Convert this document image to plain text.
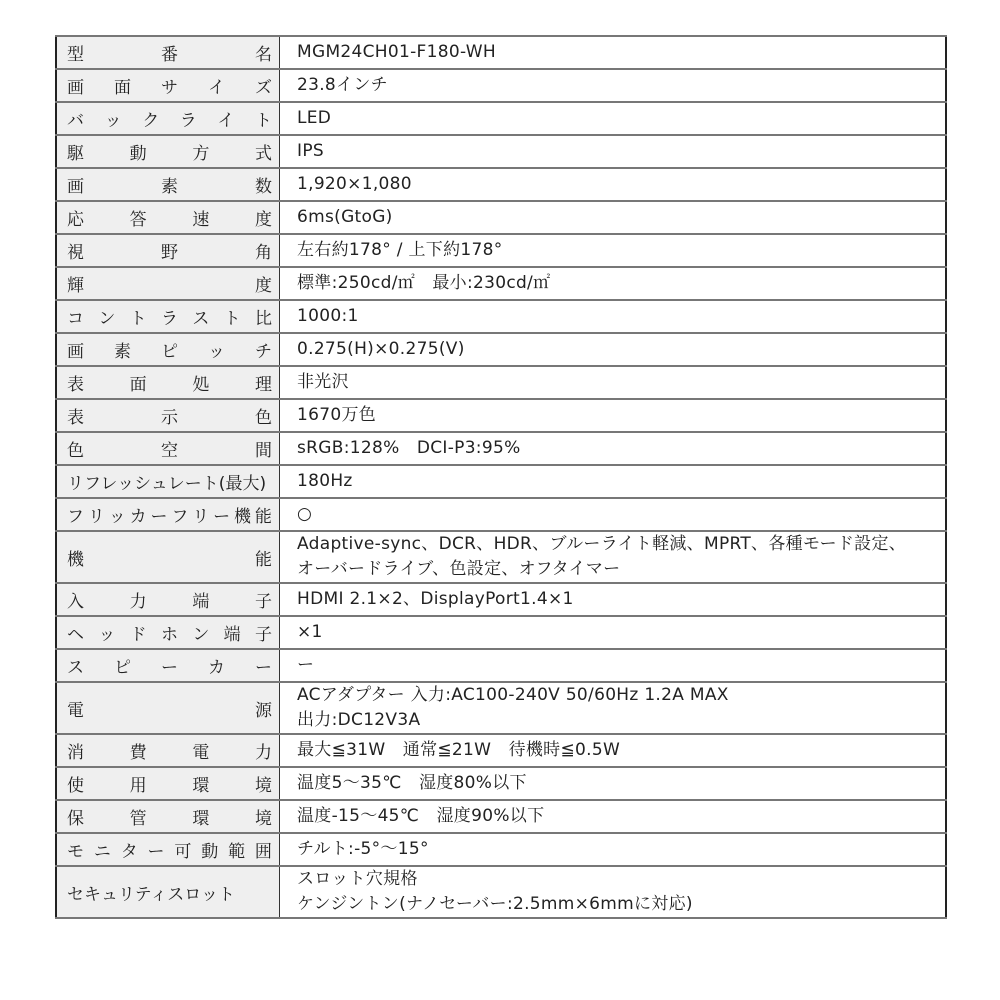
型 番 名	MGM24CH01-F180-WH

画 面 サ イ ズ	23.8インチ

バ ッ ク ラ イ ト	LED

駆 動 方 式	IPS

画 素 数	1,920×1,080

応 答 速 度	6ms(GtoG)

視 野 角	左右約178° / 上下約178°

輝 度	標準:250cd/㎡　最小:230cd/㎡

コ ン ト ラ ス ト 比	1000:1

画 素 ピ ッ チ	0.275(H)×0.275(V)

表 面 処 理	非光沢

表 示 色	1670万色

色 空 間	sRGB:128%　DCI-P3:95%

リフレッシュレート(最大)	180Hz

フ リ ッ カ ー フ リ ー 機 能	○

機 能	Adaptive-sync、DCR、HDR、ブルーライト軽減、MPRT、各種モード設定、
オーバードライブ、色設定、オフタイマー

入 力 端 子	HDMI 2.1×2、DisplayPort1.4×1

ヘ ッ ド ホ ン 端 子	×1

ス ピ ー カ ー	ー

電 源	ACアダプター 入力:AC100-240V 50/60Hz 1.2A MAX
出力:DC12V3A

消 費 電 力	最大≦31W　通常≦21W　待機時≦0.5W

使 用 環 境	温度5～35℃　湿度80%以下

保 管 環 境	温度-15～45℃　湿度90%以下

モ ニ タ ー 可 動 範 囲	チルト:-5°～15°

セキュリティスロット	スロット穴規格
ケンジントン(ナノセーバー:2.5mm×6mmに対応)
